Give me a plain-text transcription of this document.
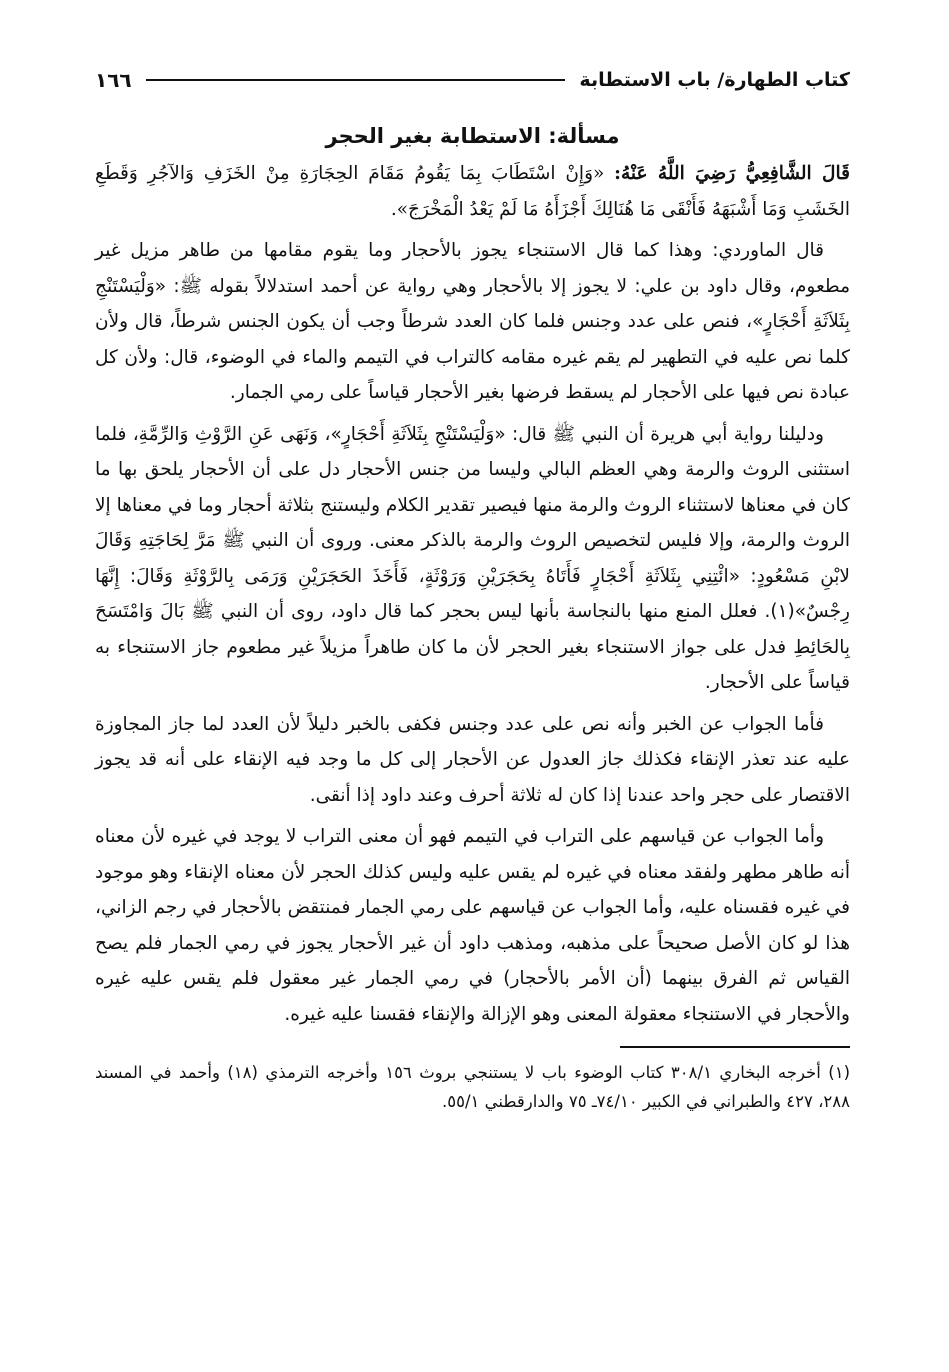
كتاب الطهارة/ باب الاستطابة
١٦٦
مسألة: الاستطابة بغير الحجر

قَالَ الشَّافِعِيُّ رَضِيَ اللَّهُ عَنْهُ: «وَإِنْ اسْتَطَابَ بِمَا يَقُومُ مَقَامَ الحِجَارَةِ مِنْ الخَزَفِ وَالآجُرِ وَقَطَعِ الخَشَبِ وَمَا أَشْبَهَهُ فَأَنْقَى مَا هُنَالِكَ أَجْزَأَهُ مَا لَمْ يَعْدُ الْمَخْرَجَ».

قال الماوردي: وهذا كما قال الاستنجاء يجوز بالأحجار وما يقوم مقامها من طاهر مزيل غير مطعوم، وقال داود بن علي: لا يجوز إلا بالأحجار وهي رواية عن أحمد استدلالاً بقوله ﷺ: «وَلْيَسْتَنْجِ بِثَلاَثَةِ أَحْجَارٍ»، فنص على عدد وجنس فلما كان العدد شرطاً وجب أن يكون الجنس شرطاً، قال ولأن كلما نص عليه في التطهير لم يقم غيره مقامه كالتراب في التيمم والماء في الوضوء، قال: ولأن كل عبادة نص فيها على الأحجار لم يسقط فرضها بغير الأحجار قياساً على رمي الجمار.

ودليلنا رواية أبي هريرة أن النبي ﷺ قال: «وَلْيَسْتَنْجِ بِثَلاَثَةِ أَحْجَارٍ»، وَنَهَى عَنِ الرَّوْثِ وَالرِّمَّةِ، فلما استثنى الروث والرمة وهي العظم البالي وليسا من جنس الأحجار دل على أن الأحجار يلحق بها ما كان في معناها لاستثناء الروث والرمة منها فيصير تقدير الكلام وليستنج بثلاثة أحجار وما في معناها إلا الروث والرمة، وإلا فليس لتخصيص الروث والرمة بالذكر معنى. وروى أن النبي ﷺ مَرَّ لِحَاجَتِهِ وَقَالَ لابْنِ مَسْعُودٍ: «ائْتِنِي بِثَلاَثَةِ أَحْجَارٍ فَأَتَاهُ بِحَجَرَيْنِ وَرَوْثَةٍ، فَأَخَذَ الحَجَرَيْنِ وَرَمَى بِالرَّوْثَةِ وَقَالَ: إِنَّهَا رِجْسٌ»(١). فعلل المنع منها بالنجاسة بأنها ليس بحجر كما قال داود، روى أن النبي ﷺ بَالَ وَامْتَسَحَ بِالحَائِطِ فدل على جواز الاستنجاء بغير الحجر لأن ما كان طاهراً مزيلاً غير مطعوم جاز الاستنجاء به قياساً على الأحجار.

فأما الجواب عن الخبر وأنه نص على عدد وجنس فكفى بالخبر دليلاً لأن العدد لما جاز المجاوزة عليه عند تعذر الإنقاء فكذلك جاز العدول عن الأحجار إلى كل ما وجد فيه الإنقاء على أنه قد يجوز الاقتصار على حجر واحد عندنا إذا كان له ثلاثة أحرف وعند داود إذا أنقى.

وأما الجواب عن قياسهم على التراب في التيمم فهو أن معنى التراب لا يوجد في غيره لأن معناه أنه طاهر مطهر ولفقد معناه في غيره لم يقس عليه وليس كذلك الحجر لأن معناه الإنقاء وهو موجود في غيره فقسناه عليه، وأما الجواب عن قياسهم على رمي الجمار فمنتقض بالأحجار في رجم الزاني، هذا لو كان الأصل صحيحاً على مذهبه، ومذهب داود أن غير الأحجار يجوز في رمي الجمار فلم يصح القياس ثم الفرق بينهما (أن الأمر بالأحجار) في رمي الجمار غير معقول فلم يقس عليه غيره والأحجار في الاستنجاء معقولة المعنى وهو الإزالة والإنقاء فقسنا عليه غيره.

(١) أخرجه البخاري ٣٠٨/١ كتاب الوضوء باب لا يستنجي بروث ١٥٦ وأخرجه الترمذي (١٨) وأحمد في المسند ٢٨٨، ٤٢٧ والطبراني في الكبير ٧٤/١٠ـ ٧٥ والدارقطني ٥٥/١.
